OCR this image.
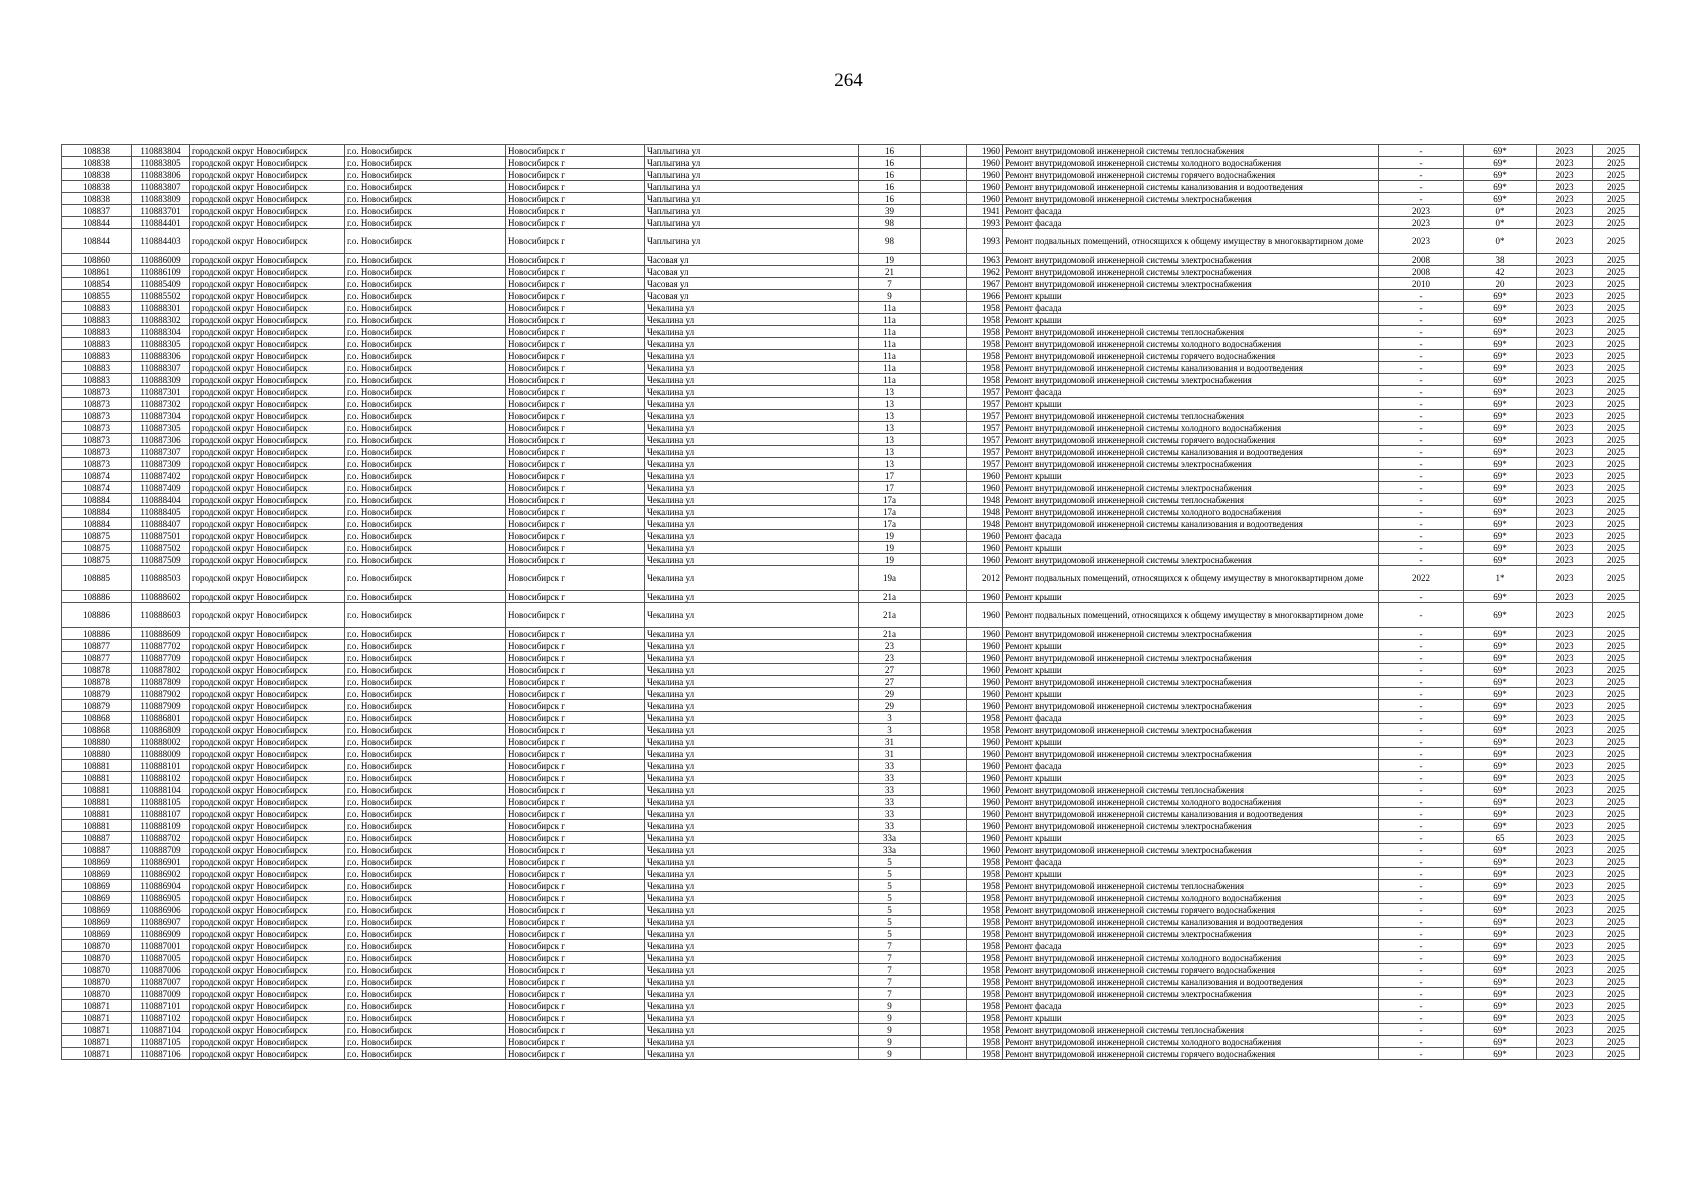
264
108838	110883804	городской округ Новосибирск	г.о. Новосибирск	Новосибирск г	Чаплыгина ул	16		1960	Ремонт внутридомовой инженерной системы теплоснабжения	-	69*	2023	2025
108838	110883805	городской округ Новосибирск	г.о. Новосибирск	Новосибирск г	Чаплыгина ул	16		1960	Ремонт внутридомовой инженерной системы холодного водоснабжения	-	69*	2023	2025
108838	110883806	городской округ Новосибирск	г.о. Новосибирск	Новосибирск г	Чаплыгина ул	16		1960	Ремонт внутридомовой инженерной системы горячего водоснабжения	-	69*	2023	2025
108838	110883807	городской округ Новосибирск	г.о. Новосибирск	Новосибирск г	Чаплыгина ул	16		1960	Ремонт внутридомовой инженерной системы канализования и водоотведения	-	69*	2023	2025
108838	110883809	городской округ Новосибирск	г.о. Новосибирск	Новосибирск г	Чаплыгина ул	16		1960	Ремонт внутридомовой инженерной системы электроснабжения	-	69*	2023	2025
108837	110883701	городской округ Новосибирск	г.о. Новосибирск	Новосибирск г	Чаплыгина ул	39		1941	Ремонт фасада	2023	0*	2023	2025
108844	110884401	городской округ Новосибирск	г.о. Новосибирск	Новосибирск г	Чаплыгина ул	98		1993	Ремонт фасада	2023	0*	2023	2025
108844	110884403	городской округ Новосибирск	г.о. Новосибирск	Новосибирск г	Чаплыгина ул	98		1993	Ремонт подвальных помещений, относящихся к общему имуществу в многоквартирном доме	2023	0*	2023	2025
108860	110886009	городской округ Новосибирск	г.о. Новосибирск	Новосибирск г	Часовая ул	19		1963	Ремонт внутридомовой инженерной системы электроснабжения	2008	38	2023	2025
108861	110886109	городской округ Новосибирск	г.о. Новосибирск	Новосибирск г	Часовая ул	21		1962	Ремонт внутридомовой инженерной системы электроснабжения	2008	42	2023	2025
108854	110885409	городской округ Новосибирск	г.о. Новосибирск	Новосибирск г	Часовая ул	7		1967	Ремонт внутридомовой инженерной системы электроснабжения	2010	20	2023	2025
108855	110885502	городской округ Новосибирск	г.о. Новосибирск	Новосибирск г	Часовая ул	9		1966	Ремонт крыши	-	69*	2023	2025
108883	110888301	городской округ Новосибирск	г.о. Новосибирск	Новосибирск г	Чекалина ул	11а		1958	Ремонт фасада	-	69*	2023	2025
108883	110888302	городской округ Новосибирск	г.о. Новосибирск	Новосибирск г	Чекалина ул	11а		1958	Ремонт крыши	-	69*	2023	2025
108883	110888304	городской округ Новосибирск	г.о. Новосибирск	Новосибирск г	Чекалина ул	11а		1958	Ремонт внутридомовой инженерной системы теплоснабжения	-	69*	2023	2025
108883	110888305	городской округ Новосибирск	г.о. Новосибирск	Новосибирск г	Чекалина ул	11а		1958	Ремонт внутридомовой инженерной системы холодного водоснабжения	-	69*	2023	2025
108883	110888306	городской округ Новосибирск	г.о. Новосибирск	Новосибирск г	Чекалина ул	11а		1958	Ремонт внутридомовой инженерной системы горячего водоснабжения	-	69*	2023	2025
108883	110888307	городской округ Новосибирск	г.о. Новосибирск	Новосибирск г	Чекалина ул	11а		1958	Ремонт внутридомовой инженерной системы канализования и водоотведения	-	69*	2023	2025
108883	110888309	городской округ Новосибирск	г.о. Новосибирск	Новосибирск г	Чекалина ул	11а		1958	Ремонт внутридомовой инженерной системы электроснабжения	-	69*	2023	2025
108873	110887301	городской округ Новосибирск	г.о. Новосибирск	Новосибирск г	Чекалина ул	13		1957	Ремонт фасада	-	69*	2023	2025
108873	110887302	городской округ Новосибирск	г.о. Новосибирск	Новосибирск г	Чекалина ул	13		1957	Ремонт крыши	-	69*	2023	2025
108873	110887304	городской округ Новосибирск	г.о. Новосибирск	Новосибирск г	Чекалина ул	13		1957	Ремонт внутридомовой инженерной системы теплоснабжения	-	69*	2023	2025
108873	110887305	городской округ Новосибирск	г.о. Новосибирск	Новосибирск г	Чекалина ул	13		1957	Ремонт внутридомовой инженерной системы холодного водоснабжения	-	69*	2023	2025
108873	110887306	городской округ Новосибирск	г.о. Новосибирск	Новосибирск г	Чекалина ул	13		1957	Ремонт внутридомовой инженерной системы горячего водоснабжения	-	69*	2023	2025
108873	110887307	городской округ Новосибирск	г.о. Новосибирск	Новосибирск г	Чекалина ул	13		1957	Ремонт внутридомовой инженерной системы канализования и водоотведения	-	69*	2023	2025
108873	110887309	городской округ Новосибирск	г.о. Новосибирск	Новосибирск г	Чекалина ул	13		1957	Ремонт внутридомовой инженерной системы электроснабжения	-	69*	2023	2025
108874	110887402	городской округ Новосибирск	г.о. Новосибирск	Новосибирск г	Чекалина ул	17		1960	Ремонт крыши	-	69*	2023	2025
108874	110887409	городской округ Новосибирск	г.о. Новосибирск	Новосибирск г	Чекалина ул	17		1960	Ремонт внутридомовой инженерной системы электроснабжения	-	69*	2023	2025
108884	110888404	городской округ Новосибирск	г.о. Новосибирск	Новосибирск г	Чекалина ул	17а		1948	Ремонт внутридомовой инженерной системы теплоснабжения	-	69*	2023	2025
108884	110888405	городской округ Новосибирск	г.о. Новосибирск	Новосибирск г	Чекалина ул	17а		1948	Ремонт внутридомовой инженерной системы холодного водоснабжения	-	69*	2023	2025
108884	110888407	городской округ Новосибирск	г.о. Новосибирск	Новосибирск г	Чекалина ул	17а		1948	Ремонт внутридомовой инженерной системы канализования и водоотведения	-	69*	2023	2025
108875	110887501	городской округ Новосибирск	г.о. Новосибирск	Новосибирск г	Чекалина ул	19		1960	Ремонт фасада	-	69*	2023	2025
108875	110887502	городской округ Новосибирск	г.о. Новосибирск	Новосибирск г	Чекалина ул	19		1960	Ремонт крыши	-	69*	2023	2025
108875	110887509	городской округ Новосибирск	г.о. Новосибирск	Новосибирск г	Чекалина ул	19		1960	Ремонт внутридомовой инженерной системы электроснабжения	-	69*	2023	2025
108885	110888503	городской округ Новосибирск	г.о. Новосибирск	Новосибирск г	Чекалина ул	19а		2012	Ремонт подвальных помещений, относящихся к общему имуществу в многоквартирном доме	2022	1*	2023	2025
108886	110888602	городской округ Новосибирск	г.о. Новосибирск	Новосибирск г	Чекалина ул	21а		1960	Ремонт крыши	-	69*	2023	2025
108886	110888603	городской округ Новосибирск	г.о. Новосибирск	Новосибирск г	Чекалина ул	21а		1960	Ремонт подвальных помещений, относящихся к общему имуществу в многоквартирном доме	-	69*	2023	2025
108886	110888609	городской округ Новосибирск	г.о. Новосибирск	Новосибирск г	Чекалина ул	21а		1960	Ремонт внутридомовой инженерной системы электроснабжения	-	69*	2023	2025
108877	110887702	городской округ Новосибирск	г.о. Новосибирск	Новосибирск г	Чекалина ул	23		1960	Ремонт крыши	-	69*	2023	2025
108877	110887709	городской округ Новосибирск	г.о. Новосибирск	Новосибирск г	Чекалина ул	23		1960	Ремонт внутридомовой инженерной системы электроснабжения	-	69*	2023	2025
108878	110887802	городской округ Новосибирск	г.о. Новосибирск	Новосибирск г	Чекалина ул	27		1960	Ремонт крыши	-	69*	2023	2025
108878	110887809	городской округ Новосибирск	г.о. Новосибирск	Новосибирск г	Чекалина ул	27		1960	Ремонт внутридомовой инженерной системы электроснабжения	-	69*	2023	2025
108879	110887902	городской округ Новосибирск	г.о. Новосибирск	Новосибирск г	Чекалина ул	29		1960	Ремонт крыши	-	69*	2023	2025
108879	110887909	городской округ Новосибирск	г.о. Новосибирск	Новосибирск г	Чекалина ул	29		1960	Ремонт внутридомовой инженерной системы электроснабжения	-	69*	2023	2025
108868	110886801	городской округ Новосибирск	г.о. Новосибирск	Новосибирск г	Чекалина ул	3		1958	Ремонт фасада	-	69*	2023	2025
108868	110886809	городской округ Новосибирск	г.о. Новосибирск	Новосибирск г	Чекалина ул	3		1958	Ремонт внутридомовой инженерной системы электроснабжения	-	69*	2023	2025
108880	110888002	городской округ Новосибирск	г.о. Новосибирск	Новосибирск г	Чекалина ул	31		1960	Ремонт крыши	-	69*	2023	2025
108880	110888009	городской округ Новосибирск	г.о. Новосибирск	Новосибирск г	Чекалина ул	31		1960	Ремонт внутридомовой инженерной системы электроснабжения	-	69*	2023	2025
108881	110888101	городской округ Новосибирск	г.о. Новосибирск	Новосибирск г	Чекалина ул	33		1960	Ремонт фасада	-	69*	2023	2025
108881	110888102	городской округ Новосибирск	г.о. Новосибирск	Новосибирск г	Чекалина ул	33		1960	Ремонт крыши	-	69*	2023	2025
108881	110888104	городской округ Новосибирск	г.о. Новосибирск	Новосибирск г	Чекалина ул	33		1960	Ремонт внутридомовой инженерной системы теплоснабжения	-	69*	2023	2025
108881	110888105	городской округ Новосибирск	г.о. Новосибирск	Новосибирск г	Чекалина ул	33		1960	Ремонт внутридомовой инженерной системы холодного водоснабжения	-	69*	2023	2025
108881	110888107	городской округ Новосибирск	г.о. Новосибирск	Новосибирск г	Чекалина ул	33		1960	Ремонт внутридомовой инженерной системы канализования и водоотведения	-	69*	2023	2025
108881	110888109	городской округ Новосибирск	г.о. Новосибирск	Новосибирск г	Чекалина ул	33		1960	Ремонт внутридомовой инженерной системы электроснабжения	-	69*	2023	2025
108887	110888702	городской округ Новосибирск	г.о. Новосибирск	Новосибирск г	Чекалина ул	33а		1960	Ремонт крыши	-	65	2023	2025
108887	110888709	городской округ Новосибирск	г.о. Новосибирск	Новосибирск г	Чекалина ул	33а		1960	Ремонт внутридомовой инженерной системы электроснабжения	-	69*	2023	2025
108869	110886901	городской округ Новосибирск	г.о. Новосибирск	Новосибирск г	Чекалина ул	5		1958	Ремонт фасада	-	69*	2023	2025
108869	110886902	городской округ Новосибирск	г.о. Новосибирск	Новосибирск г	Чекалина ул	5		1958	Ремонт крыши	-	69*	2023	2025
108869	110886904	городской округ Новосибирск	г.о. Новосибирск	Новосибирск г	Чекалина ул	5		1958	Ремонт внутридомовой инженерной системы теплоснабжения	-	69*	2023	2025
108869	110886905	городской округ Новосибирск	г.о. Новосибирск	Новосибирск г	Чекалина ул	5		1958	Ремонт внутридомовой инженерной системы холодного водоснабжения	-	69*	2023	2025
108869	110886906	городской округ Новосибирск	г.о. Новосибирск	Новосибирск г	Чекалина ул	5		1958	Ремонт внутридомовой инженерной системы горячего водоснабжения	-	69*	2023	2025
108869	110886907	городской округ Новосибирск	г.о. Новосибирск	Новосибирск г	Чекалина ул	5		1958	Ремонт внутридомовой инженерной системы канализования и водоотведения	-	69*	2023	2025
108869	110886909	городской округ Новосибирск	г.о. Новосибирск	Новосибирск г	Чекалина ул	5		1958	Ремонт внутридомовой инженерной системы электроснабжения	-	69*	2023	2025
108870	110887001	городской округ Новосибирск	г.о. Новосибирск	Новосибирск г	Чекалина ул	7		1958	Ремонт фасада	-	69*	2023	2025
108870	110887005	городской округ Новосибирск	г.о. Новосибирск	Новосибирск г	Чекалина ул	7		1958	Ремонт внутридомовой инженерной системы холодного водоснабжения	-	69*	2023	2025
108870	110887006	городской округ Новосибирск	г.о. Новосибирск	Новосибирск г	Чекалина ул	7		1958	Ремонт внутридомовой инженерной системы горячего водоснабжения	-	69*	2023	2025
108870	110887007	городской округ Новосибирск	г.о. Новосибирск	Новосибирск г	Чекалина ул	7		1958	Ремонт внутридомовой инженерной системы канализования и водоотведения	-	69*	2023	2025
108870	110887009	городской округ Новосибирск	г.о. Новосибирск	Новосибирск г	Чекалина ул	7		1958	Ремонт внутридомовой инженерной системы электроснабжения	-	69*	2023	2025
108871	110887101	городской округ Новосибирск	г.о. Новосибирск	Новосибирск г	Чекалина ул	9		1958	Ремонт фасада	-	69*	2023	2025
108871	110887102	городской округ Новосибирск	г.о. Новосибирск	Новосибирск г	Чекалина ул	9		1958	Ремонт крыши	-	69*	2023	2025
108871	110887104	городской округ Новосибирск	г.о. Новосибирск	Новосибирск г	Чекалина ул	9		1958	Ремонт внутридомовой инженерной системы теплоснабжения	-	69*	2023	2025
108871	110887105	городской округ Новосибирск	г.о. Новосибирск	Новосибирск г	Чекалина ул	9		1958	Ремонт внутридомовой инженерной системы холодного водоснабжения	-	69*	2023	2025
108871	110887106	городской округ Новосибирск	г.о. Новосибирск	Новосибирск г	Чекалина ул	9		1958	Ремонт внутридомовой инженерной системы горячего водоснабжения	-	69*	2023	2025
